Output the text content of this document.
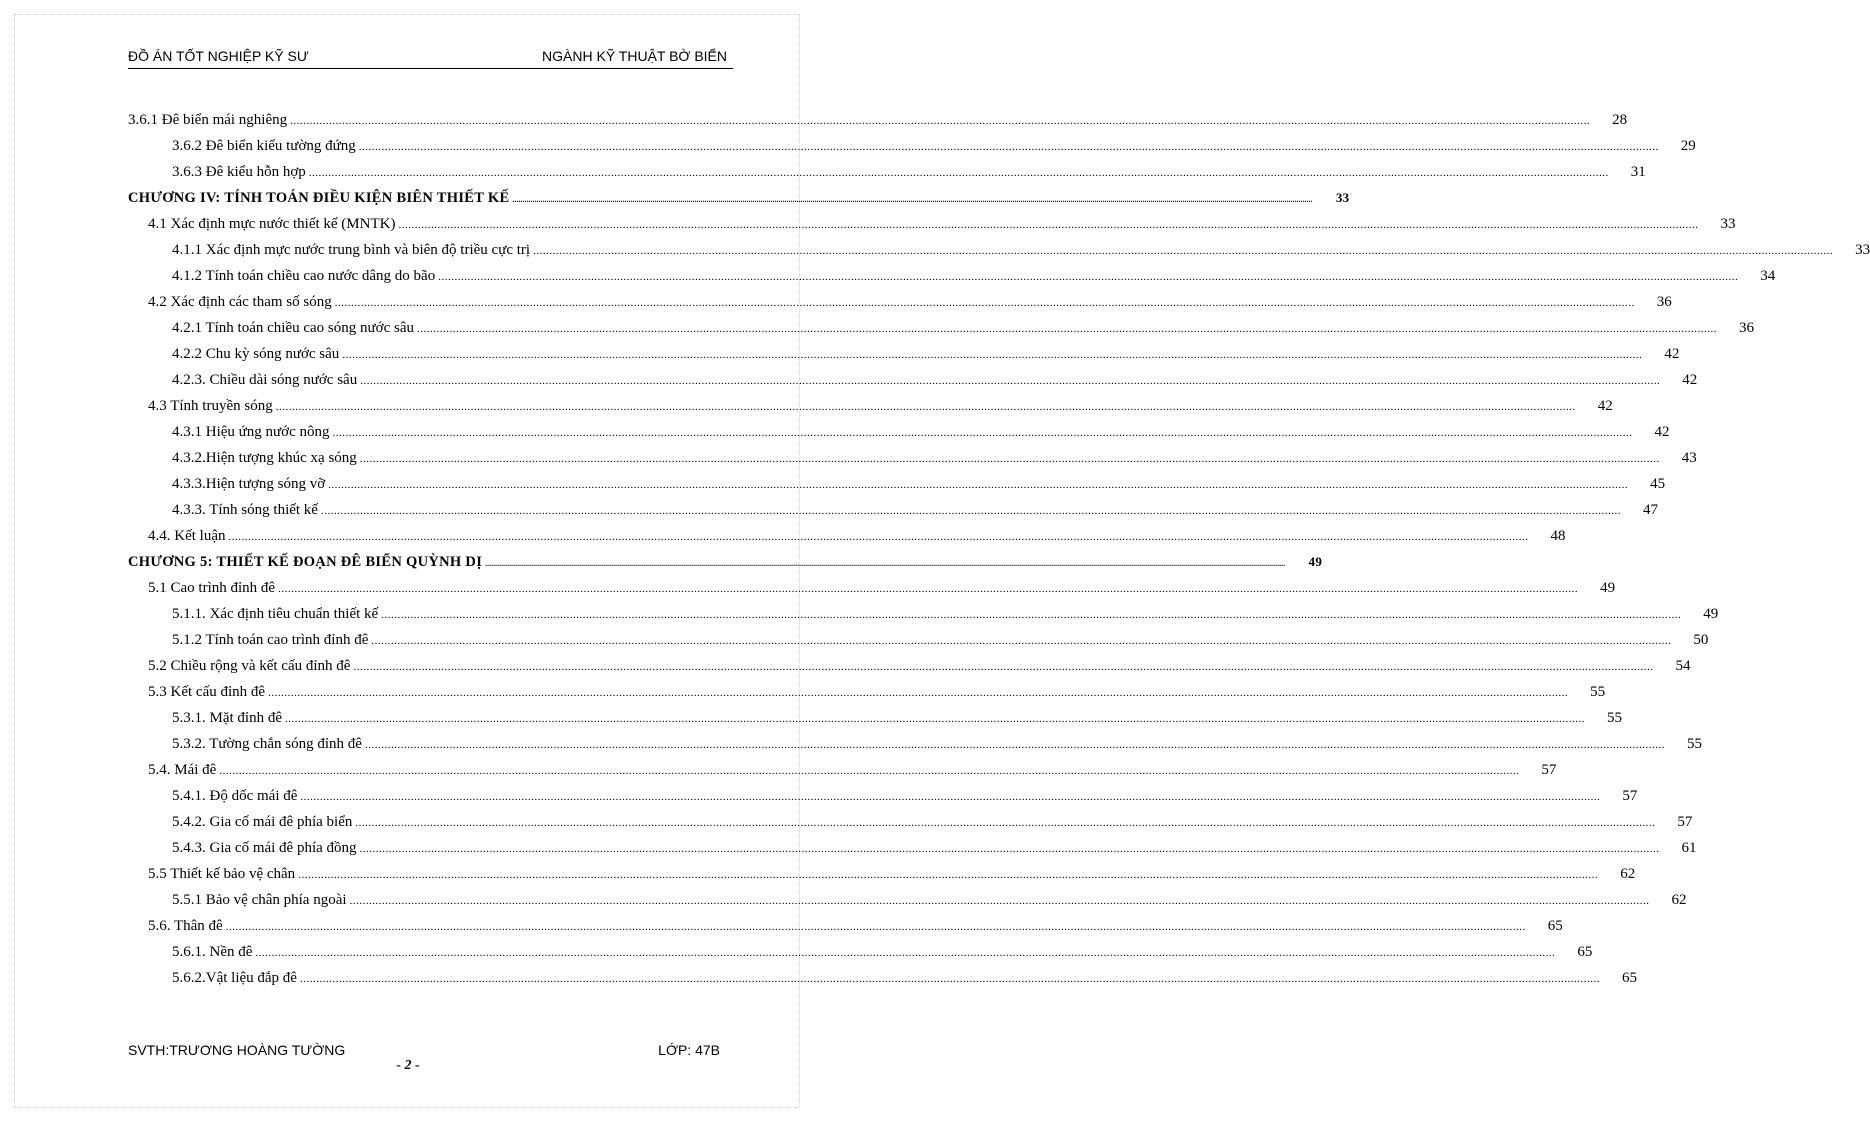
ĐỒ ÁN TỐT NGHIỆP KỸ SƯ	NGÀNH KỸ THUẬT BỜ BIỂN
3.6.1 Đê biển mái nghiêng ................................................................................................................................................................................................................................................................................................................................................................................................................	28
3.6.2 Đê biển kiểu tường đứng ................................................................................................................................................................................................................................................................................................................................................................................................................	29
3.6.3 Đê kiểu hỗn hợp ................................................................................................................................................................................................................................................................................................................................................................................................................	31
CHƯƠNG IV: TÍNH TOÁN ĐIỀU KIỆN BIÊN THIẾT KẾ ................................................................................................................................................................................................................................................................................................................................................................................................................	33
4.1 Xác định mực nước thiết kế (MNTK) ................................................................................................................................................................................................................................................................................................................................................................................................................	33
4.1.1 Xác định mực nước trung bình và biên độ triều cực trị ................................................................................................................................................................................................................................................................................................................................................................................................................	33
4.1.2 Tính toán chiều cao nước dâng do bão ................................................................................................................................................................................................................................................................................................................................................................................................................	34
4.2 Xác định các tham số sóng ................................................................................................................................................................................................................................................................................................................................................................................................................	36
4.2.1 Tính toán chiều cao sóng nước sâu ................................................................................................................................................................................................................................................................................................................................................................................................................	36
4.2.2 Chu kỳ sóng nước sâu ................................................................................................................................................................................................................................................................................................................................................................................................................	42
4.2.3. Chiều dài sóng nước sâu ................................................................................................................................................................................................................................................................................................................................................................................................................	42
4.3 Tính truyền sóng ................................................................................................................................................................................................................................................................................................................................................................................................................	42
4.3.1 Hiệu ứng nước nông ................................................................................................................................................................................................................................................................................................................................................................................................................	42
4.3.2.Hiện tượng khúc xạ sóng ................................................................................................................................................................................................................................................................................................................................................................................................................	43
4.3.3.Hiện tượng sóng vỡ ................................................................................................................................................................................................................................................................................................................................................................................................................	45
4.3.3. Tính sóng thiết kế ................................................................................................................................................................................................................................................................................................................................................................................................................	47
4.4. Kết luận ................................................................................................................................................................................................................................................................................................................................................................................................................	48
CHƯƠNG 5: THIẾT KẾ ĐOẠN ĐÊ BIỂN QUỲNH DỊ ................................................................................................................................................................................................................................................................................................................................................................................................................	49
5.1 Cao trình đỉnh đê ................................................................................................................................................................................................................................................................................................................................................................................................................	49
5.1.1. Xác định tiêu chuẩn thiết kế ................................................................................................................................................................................................................................................................................................................................................................................................................	49
5.1.2 Tính toán cao trình đỉnh đê ................................................................................................................................................................................................................................................................................................................................................................................................................	50
5.2 Chiều rộng và kết cấu đỉnh đê ................................................................................................................................................................................................................................................................................................................................................................................................................	54
5.3 Kết cấu đỉnh đê ................................................................................................................................................................................................................................................................................................................................................................................................................	55
5.3.1. Mặt đỉnh đê ................................................................................................................................................................................................................................................................................................................................................................................................................	55
5.3.2. Tường chắn sóng đỉnh đê ................................................................................................................................................................................................................................................................................................................................................................................................................	55
5.4. Mái đê ................................................................................................................................................................................................................................................................................................................................................................................................................	57
5.4.1. Độ dốc mái đê ................................................................................................................................................................................................................................................................................................................................................................................................................	57
5.4.2. Gia cố mái đê phía biển ................................................................................................................................................................................................................................................................................................................................................................................................................	57
5.4.3. Gia cố mái đê phía đồng ................................................................................................................................................................................................................................................................................................................................................................................................................	61
5.5 Thiết kế bảo vệ chân ................................................................................................................................................................................................................................................................................................................................................................................................................	62
5.5.1 Bảo vệ chân phía ngoài ................................................................................................................................................................................................................................................................................................................................................................................................................	62
5.6. Thân đê ................................................................................................................................................................................................................................................................................................................................................................................................................	65
5.6.1. Nền đê ................................................................................................................................................................................................................................................................................................................................................................................................................	65
5.6.2.Vật liệu đắp đê ................................................................................................................................................................................................................................................................................................................................................................................................................	65
SVTH:TRƯƠNG HOÀNG TƯỜNG	LỚP: 47B
- 2 -
